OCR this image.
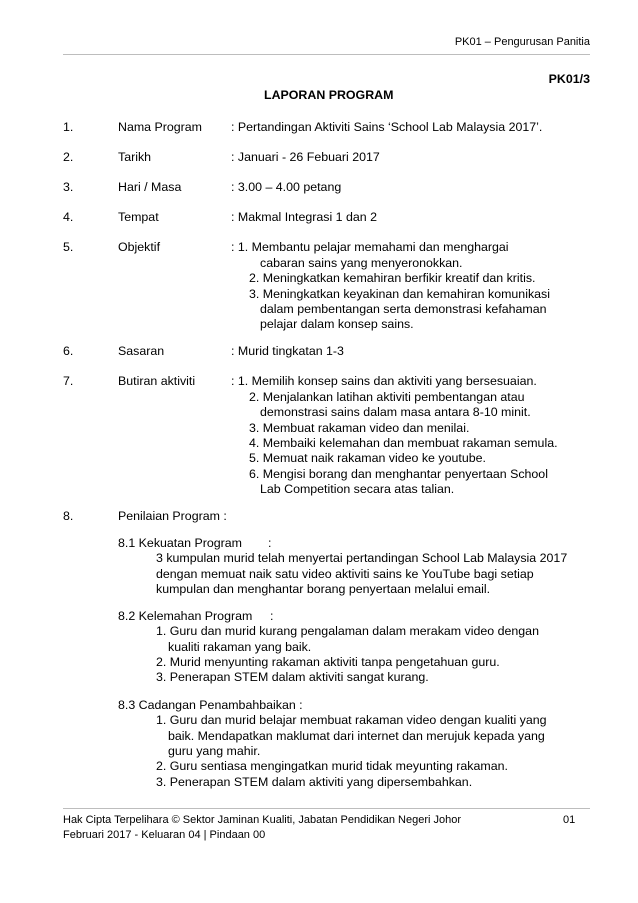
PK01 – Pengurusan Panitia
PK01/3
LAPORAN PROGRAM
1.	Nama Program : Pertandingan Aktiviti Sains ‘School Lab Malaysia 2017’.
2.	Tarikh	: Januari - 26 Febuari 2017
3.	Hari / Masa	: 3.00 – 4.00 petang
4.	Tempat	: Makmal Integrasi 1 dan 2
5.	Objektif	: 1. Membantu pelajar memahami dan menghargai
cabaran sains yang menyeronokkan.
2. Meningkatkan kemahiran berfikir kreatif dan kritis.
3. Meningkatkan keyakinan dan kemahiran komunikasi
dalam pembentangan serta demonstrasi kefahaman
pelajar dalam konsep sains.
6.	Sasaran	: Murid tingkatan 1-3
7.	Butiran aktiviti	: 1. Memilih konsep sains dan aktiviti yang bersesuaian.
2. Menjalankan latihan aktiviti pembentangan atau
demonstrasi sains dalam masa antara 8-10 minit.
3. Membuat rakaman video dan menilai.
4. Membaiki kelemahan dan membuat rakaman semula.
5. Memuat naik rakaman video ke youtube.
6. Mengisi borang dan menghantar penyertaan School
Lab Competition secara atas talian.
8.	Penilaian Program :
8.1 Kekuatan Program :
3 kumpulan murid telah menyertai pertandingan School Lab Malaysia 2017
dengan memuat naik satu video aktiviti sains ke YouTube bagi setiap
kumpulan dan menghantar borang penyertaan melalui email.
8.2 Kelemahan Program :
1. Guru dan murid kurang pengalaman dalam merakam video dengan
kualiti rakaman yang baik.
2. Murid menyunting rakaman aktiviti tanpa pengetahuan guru.
3. Penerapan STEM dalam aktiviti sangat kurang.
8.3 Cadangan Penambahbaikan :
1. Guru dan murid belajar membuat rakaman video dengan kualiti yang
baik. Mendapatkan maklumat dari internet dan merujuk kepada yang
guru yang mahir.
2. Guru sentiasa mengingatkan murid tidak meyunting rakaman.
3. Penerapan STEM dalam aktiviti yang dipersembahkan.
Hak Cipta Terpelihara © Sektor Jaminan Kualiti, Jabatan Pendidikan Negeri Johor	01
Februari 2017 - Keluaran 04 | Pindaan 00
